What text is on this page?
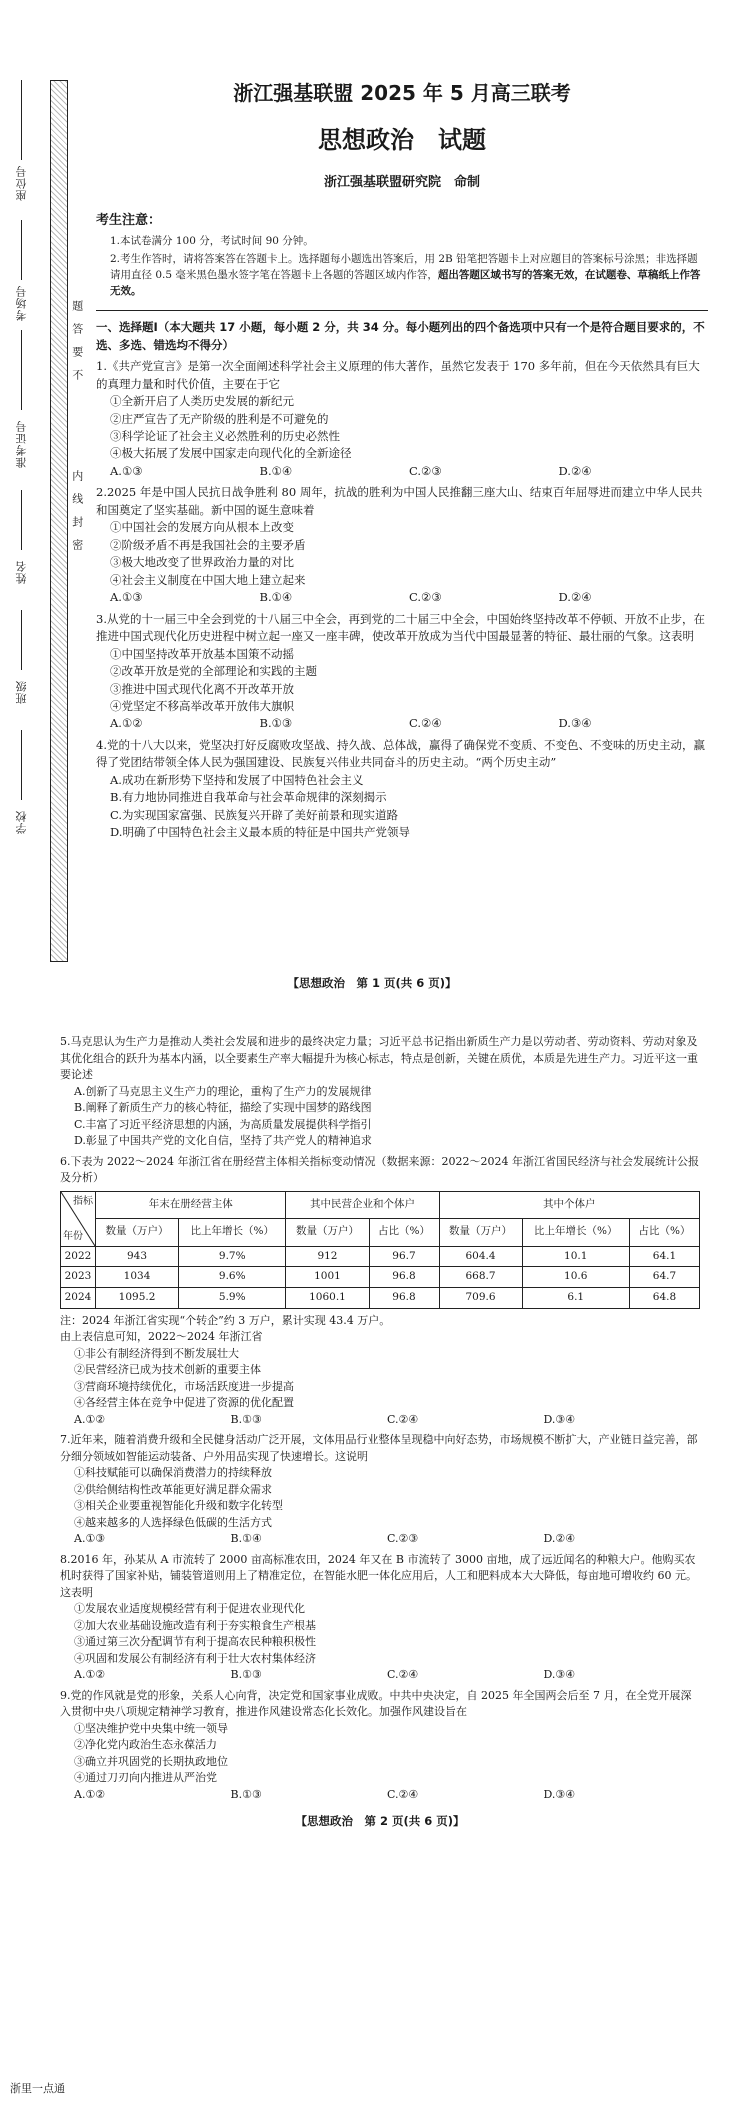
座位号
考场号
准考证号
姓名
班级
学校
题答要不
内线封密
浙江强基联盟 2025 年 5 月高三联考
思想政治　试题
浙江强基联盟研究院　命制
考生注意：

1.本试卷满分 100 分，考试时间 90 分钟。

2.考生作答时，请将答案答在答题卡上。选择题每小题选出答案后，用 2B 铅笔把答题卡上对应题目的答案标号涂黑；非选择题请用直径 0.5 毫米黑色墨水签字笔在答题卡上各题的答题区域内作答，超出答题区域书写的答案无效，在试题卷、草稿纸上作答无效。

一、选择题Ⅰ（本大题共 17 小题，每小题 2 分，共 34 分。每小题列出的四个备选项中只有一个是符合题目要求的，不选、多选、错选均不得分）
1.《共产党宣言》是第一次全面阐述科学社会主义原理的伟大著作，虽然它发表于 170 多年前，但在今天依然具有巨大的真理力量和时代价值，主要在于它
①全新开启了人类历史发展的新纪元
②庄严宣告了无产阶级的胜利是不可避免的
③科学论证了社会主义必然胜利的历史必然性
④极大拓展了发展中国家走向现代化的全新途径
A.①③	B.①④	C.②③	D.②④
2.2025 年是中国人民抗日战争胜利 80 周年，抗战的胜利为中国人民推翻三座大山、结束百年屈辱进而建立中华人民共和国奠定了坚实基础。新中国的诞生意味着
①中国社会的发展方向从根本上改变
②阶级矛盾不再是我国社会的主要矛盾
③极大地改变了世界政治力量的对比
④社会主义制度在中国大地上建立起来
A.①③	B.①④	C.②③	D.②④
3.从党的十一届三中全会到党的十八届三中全会，再到党的二十届三中全会，中国始终坚持改革不停顿、开放不止步，在推进中国式现代化历史进程中树立起一座又一座丰碑，使改革开放成为当代中国最显著的特征、最壮丽的气象。这表明
①中国坚持改革开放基本国策不动摇
②改革开放是党的全部理论和实践的主题
③推进中国式现代化离不开改革开放
④党坚定不移高举改革开放伟大旗帜
A.①②	B.①③	C.②④	D.③④
4.党的十八大以来，党坚决打好反腐败攻坚战、持久战、总体战，赢得了确保党不变质、不变色、不变味的历史主动，赢得了党团结带领全体人民为强国建设、民族复兴伟业共同奋斗的历史主动。“两个历史主动”
A.成功在新形势下坚持和发展了中国特色社会主义
B.有力地协同推进自我革命与社会革命规律的深刻揭示
C.为实现国家富强、民族复兴开辟了美好前景和现实道路
D.明确了中国特色社会主义最本质的特征是中国共产党领导
【思想政治　第 1 页(共 6 页)】
5.马克思认为生产力是推动人类社会发展和进步的最终决定力量；习近平总书记指出新质生产力是以劳动者、劳动资料、劳动对象及其优化组合的跃升为基本内涵，以全要素生产率大幅提升为核心标志，特点是创新，关键在质优，本质是先进生产力。习近平这一重要论述
A.创新了马克思主义生产力的理论，重构了生产力的发展规律
B.阐释了新质生产力的核心特征，描绘了实现中国梦的路线图
C.丰富了习近平经济思想的内涵，为高质量发展提供科学指引
D.彰显了中国共产党的文化自信，坚持了共产党人的精神追求
6.下表为 2022～2024 年浙江省在册经营主体相关指标变动情况（数据来源：2022～2024 年浙江省国民经济与社会发展统计公报及分析）
指标
年份	年末在册经营主体		其中民营企业和个体户		其中个体户		
	数量（万户）	比上年增长（%）	数量（万户）	占比（%）	数量（万户）	比上年增长（%）	占比（%）
2022	943	9.7%	912	96.7	604.4	10.1	64.1
2023	1034	9.6%	1001	96.8	668.7	10.6	64.7
2024	1095.2	5.9%	1060.1	96.8	709.6	6.1	64.8
注：2024 年浙江省实现“个转企”约 3 万户，累计实现 43.4 万户。
由上表信息可知，2022～2024 年浙江省
①非公有制经济得到不断发展壮大
②民营经济已成为技术创新的重要主体
③营商环境持续优化，市场活跃度进一步提高
④各经营主体在竞争中促进了资源的优化配置
A.①②	B.①③	C.②④	D.③④
7.近年来，随着消费升级和全民健身活动广泛开展，文体用品行业整体呈现稳中向好态势，市场规模不断扩大，产业链日益完善，部分细分领域如智能运动装备、户外用品实现了快速增长。这说明
①科技赋能可以确保消费潜力的持续释放
②供给侧结构性改革能更好满足群众需求
③相关企业要重视智能化升级和数字化转型
④越来越多的人选择绿色低碳的生活方式
A.①③	B.①④	C.②③	D.②④
8.2016 年，孙某从 A 市流转了 2000 亩高标准农田，2024 年又在 B 市流转了 3000 亩地，成了远近闻名的种粮大户。他购买农机时获得了国家补贴，铺装管道则用上了精准定位，在智能水肥一体化应用后，人工和肥料成本大大降低，每亩地可增收约 60 元。这表明
①发展农业适度规模经营有利于促进农业现代化
②加大农业基础设施改造有利于夯实粮食生产根基
③通过第三次分配调节有利于提高农民种粮积极性
④巩固和发展公有制经济有利于壮大农村集体经济
A.①②	B.①③	C.②④	D.③④
9.党的作风就是党的形象，关系人心向背，决定党和国家事业成败。中共中央决定，自 2025 年全国两会后至 7 月，在全党开展深入贯彻中央八项规定精神学习教育，推进作风建设常态化长效化。加强作风建设旨在
①坚决维护党中央集中统一领导
②净化党内政治生态永葆活力
③确立并巩固党的长期执政地位
④通过刀刃向内推进从严治党
A.①②	B.①③	C.②④	D.③④
【思想政治　第 2 页(共 6 页)】
浙里一点通
